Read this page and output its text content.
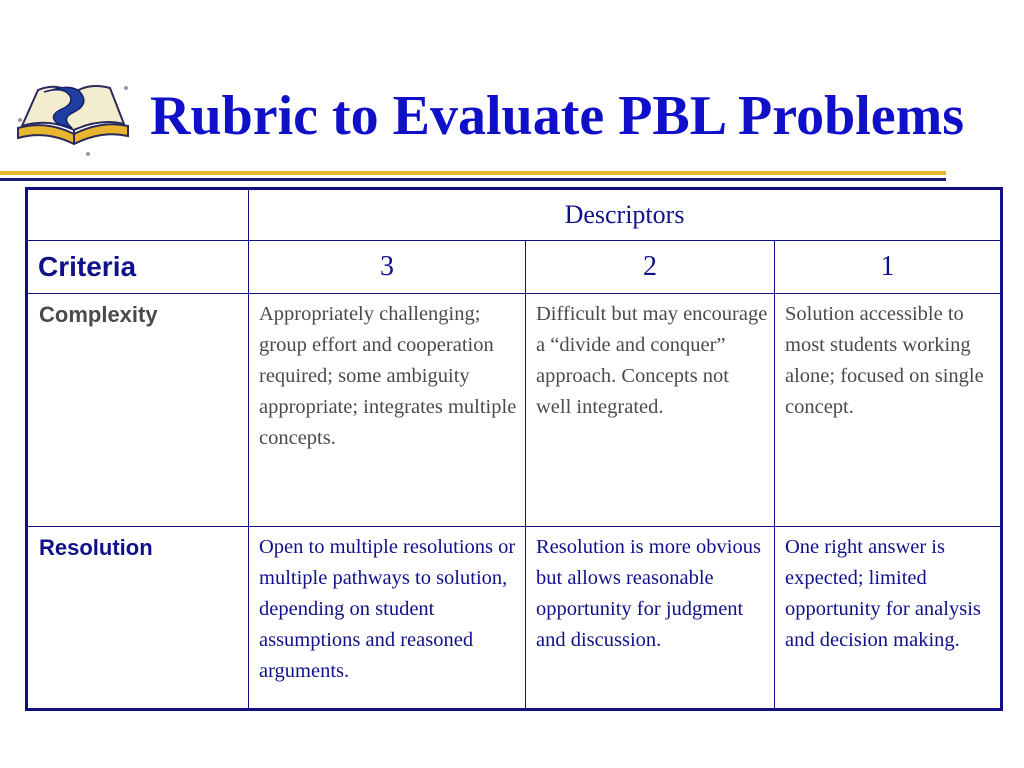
Rubric to Evaluate PBL Problems
	Descriptors		
Criteria	3	2	1
Complexity	Appropriately challenging; group effort and cooperation required; some ambiguity appropriate; integrates multiple concepts.	Difficult but may encourage a “divide and conquer” approach. Concepts not well integrated.	Solution accessible to most students working alone; focused on single concept.
Resolution	Open to multiple resolutions or multiple pathways to solution, depending on student assumptions and reasoned arguments.	Resolution is more obvious but allows reasonable opportunity for judgment and discussion.	One right answer is expected; limited opportunity for analysis and decision making.
